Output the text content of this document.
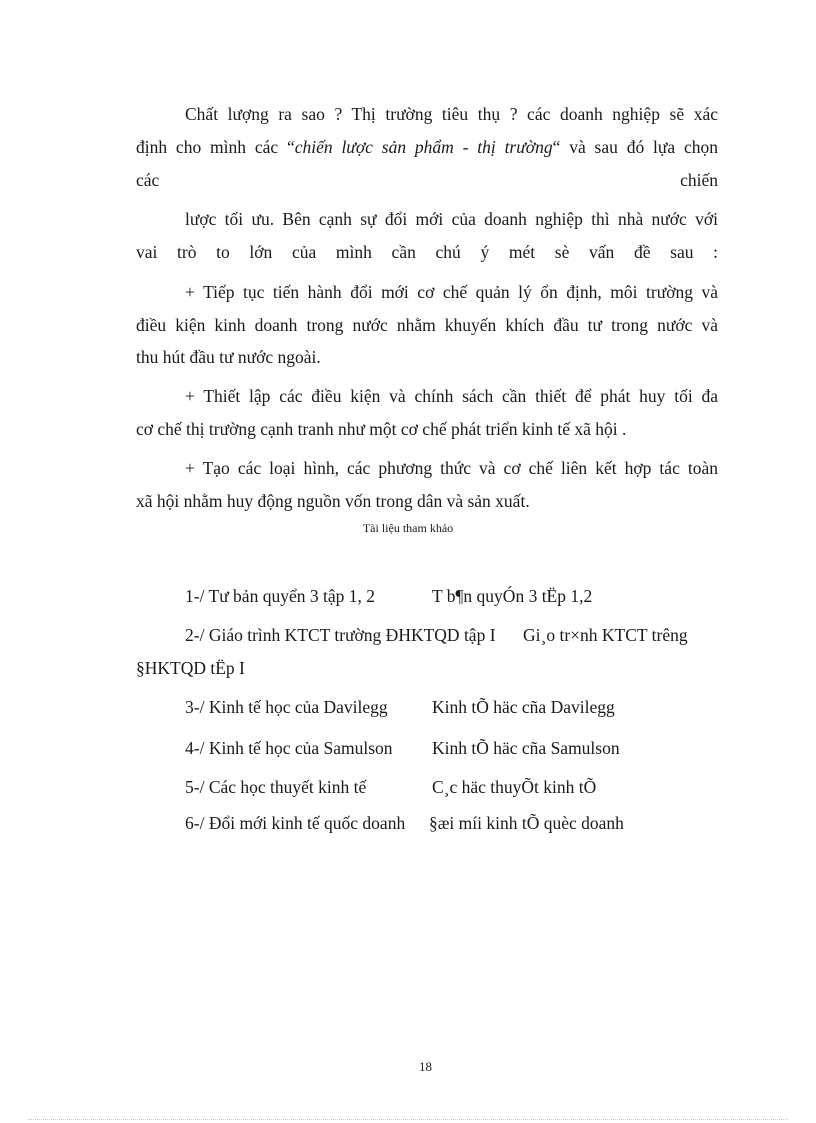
Chất lượng ra sao ? Thị trường tiêu thụ ? các doanh nghiệp sẽ xác
định cho mình các “chiến lược sản phẩm - thị trường“ và sau đó lựa chọn
các	chiến
lược tối ưu. Bên cạnh sự đổi mới của doanh nghiệp thì nhà nước với
vai trò to lớn của mình cần chú ý mét sè vấn đề sau :
+ Tiếp tục tiến hành đổi mới cơ chế quản lý ổn định, môi trường và
điều kiện kinh doanh trong nước nhằm khuyến khích đầu tư trong nước và
thu hút đầu tư nước ngoài.
+ Thiết lập các điều kiện và chính sách cần thiết để phát huy tối đa
cơ chế thị trường cạnh tranh như một cơ chế phát triển kinh tế xã hội .
+ Tạo các loại hình, các phương thức và cơ chế liên kết hợp tác toàn
xã hội nhằm huy động nguồn vốn trong dân và sản xuất.
Tài liệu tham khảo
1-/ Tư bản quyển 3 tập 1, 2	T b¶n quyÓn 3 tËp 1,2
2-/ Giáo trình KTCT trường ĐHKTQD tập I Gi¸o tr×nh KTCT trêng
§HKTQD tËp I
3-/ Kinh tế học của Davilegg	Kinh tÕ häc cña Davilegg
4-/ Kinh tế học của Samulson Kinh tÕ häc cña Samulson
5-/ Các học thuyết kinh tế	C¸c häc thuyÕt kinh tÕ
6-/ Đổi mới kinh tế quốc doanh §æi míi kinh tÕ quèc doanh
18
